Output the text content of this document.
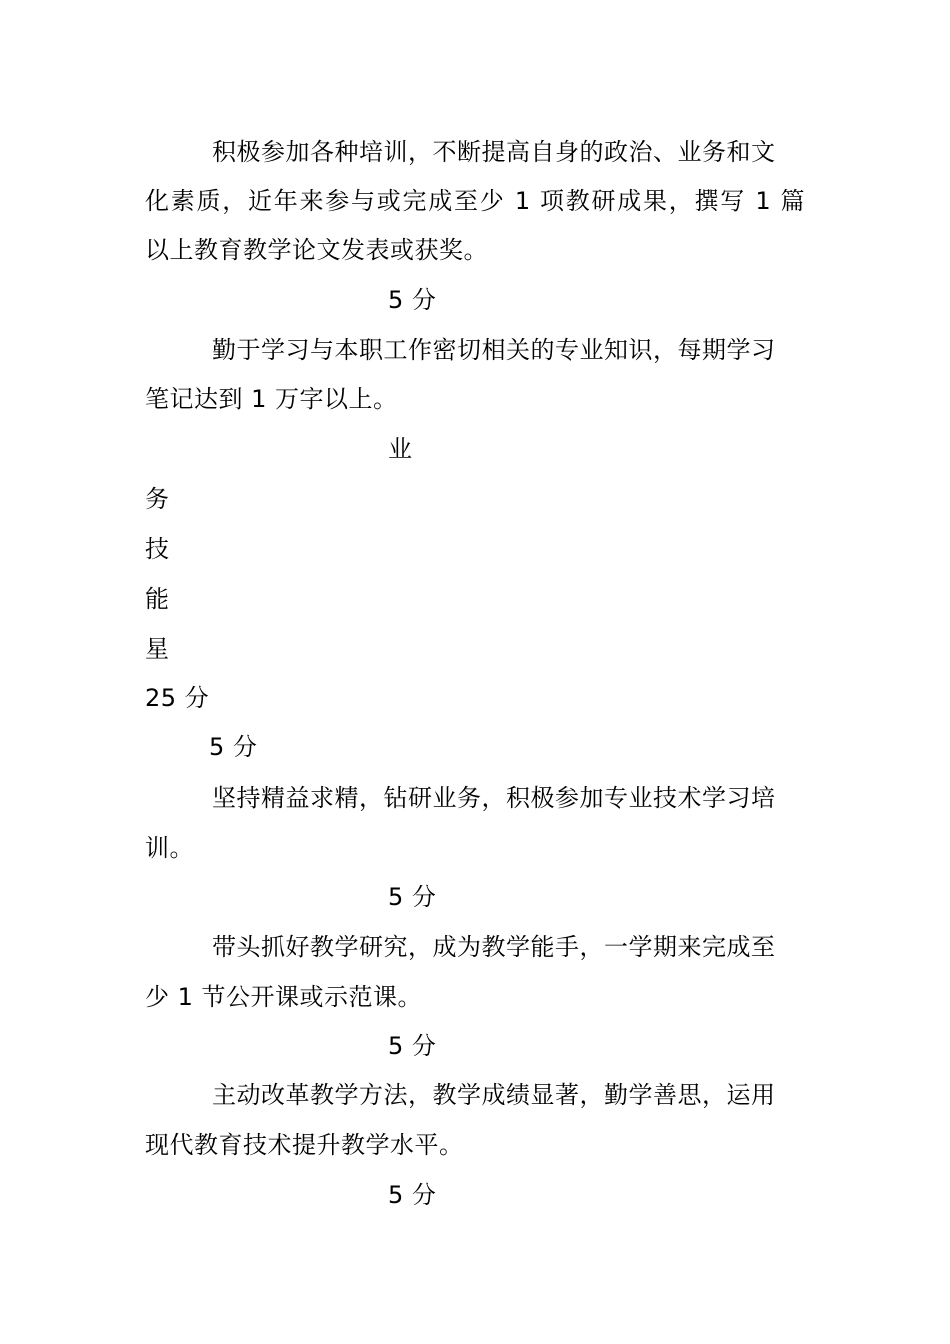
积极参加各种培训，不断提高自身的政治、业务和文
化素质，近年来参与或完成至少 1 项教研成果，撰写 1 篇
以上教育教学论文发表或获奖。
5 分
勤于学习与本职工作密切相关的专业知识，每期学习
笔记达到 1 万字以上。
业
务
技
能
星
25 分
5 分
坚持精益求精，钻研业务，积极参加专业技术学习培
训。
5 分
带头抓好教学研究，成为教学能手，一学期来完成至
少 1 节公开课或示范课。
5 分
主动改革教学方法，教学成绩显著，勤学善思，运用
现代教育技术提升教学水平。
5 分
